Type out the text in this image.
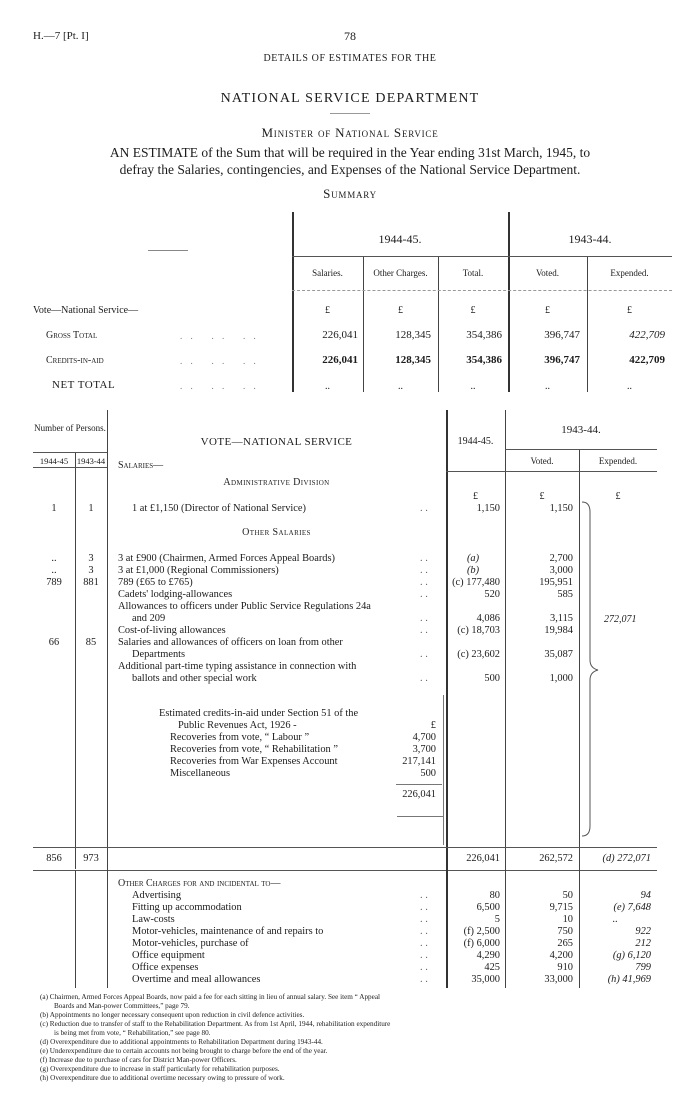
H.—7 [Pt. I]	78
DETAILS OF ESTIMATES FOR THE
NATIONAL SERVICE DEPARTMENT
Minister of National Service
AN ESTIMATE of the Sum that will be required in the Year ending 31st March, 1945, to
defray the Salaries, contingencies, and Expenses of the National Service Department.
Summary
1944-45.	1943-44.
Salaries.	Other Charges.	Total.	Voted.	Expended.
Vote—National Service—	£	£	£	£	£
Gross Total	. .   . .   . .	226,041	128,345	354,386	396,747	422,709
Credits-in-aid	. .   . .   . .	226,041	128,345	354,386	396,747	422,709
NET TOTAL	. .   . .   . .	..	..	..	..	..
Number of Persons.
1944-45	1943-44
VOTE—NATIONAL SERVICE	1944-45.
1943-44.
Voted.	Expended.
Salaries—
Administrative Division
£	£	£
1	1	1 at £1,150 (Director of National Service)	. .	1,150	1,150
Other Salaries
..	3	3 at £900 (Chairmen, Armed Forces Appeal Boards)	. .	(a)	2,700
..	3	3 at £1,000 (Regional Commissioners)	. .	(b)	3,000
789	881	789 (£65 to £765)	. .	(c) 177,480	195,951
Cadets' lodging-allowances	. .	520	585
Allowances to officers under Public Service Regulations 24a
and 209	. .	4,086	3,115
Cost-of-living allowances	. .	(c) 18,703	19,984
66	85	Salaries and allowances of officers on loan from other
Departments	. .	(c) 23,602	35,087
Additional part-time typing assistance in connection with
ballots and other special work	. .	500	1,000
272,071
Estimated credits-in-aid under Section 51 of the
Public Revenues Act, 1926 -	£
Recoveries from vote, “ Labour ”	4,700
Recoveries from vote, “ Rehabilitation ”	3,700
Recoveries from War Expenses Account	217,141
Miscellaneous	500
226,041
856	973	226,041	262,572	(d) 272,071
Other Charges for and incidental to—
Advertising	. .	80	50	94
Fitting up accommodation	. .	6,500	9,715	(e) 7,648
Law-costs	. .	5	10	..
Motor-vehicles, maintenance of and repairs to	. .	(f) 2,500	750	922
Motor-vehicles, purchase of	. .	(f) 6,000	265	212
Office equipment	. .	4,290	4,200	(g) 6,120
Office expenses	. .	425	910	799
Overtime and meal allowances	. .	35,000	33,000	(h) 41,969
(a) Chairmen, Armed Forces Appeal Boards, now paid a fee for each sitting in lieu of annual salary. See item “ Appeal
Boards and Man-power Committees,” page 79.
(b) Appointments no longer necessary consequent upon reduction in civil defence activities.
(c) Reduction due to transfer of staff to the Rehabilitation Department. As from 1st April, 1944, rehabilitation expenditure
is being met from vote, “ Rehabilitation,” see page 80.
(d) Overexpenditure due to additional appointments to Rehabilitation Department during 1943-44.
(e) Underexpenditure due to certain accounts not being brought to charge before the end of the year.
(f) Increase due to purchase of cars for District Man-power Officers.
(g) Overexpenditure due to increase in staff particularly for rehabilitation purposes.
(h) Overexpenditure due to additional overtime necessary owing to pressure of work.
